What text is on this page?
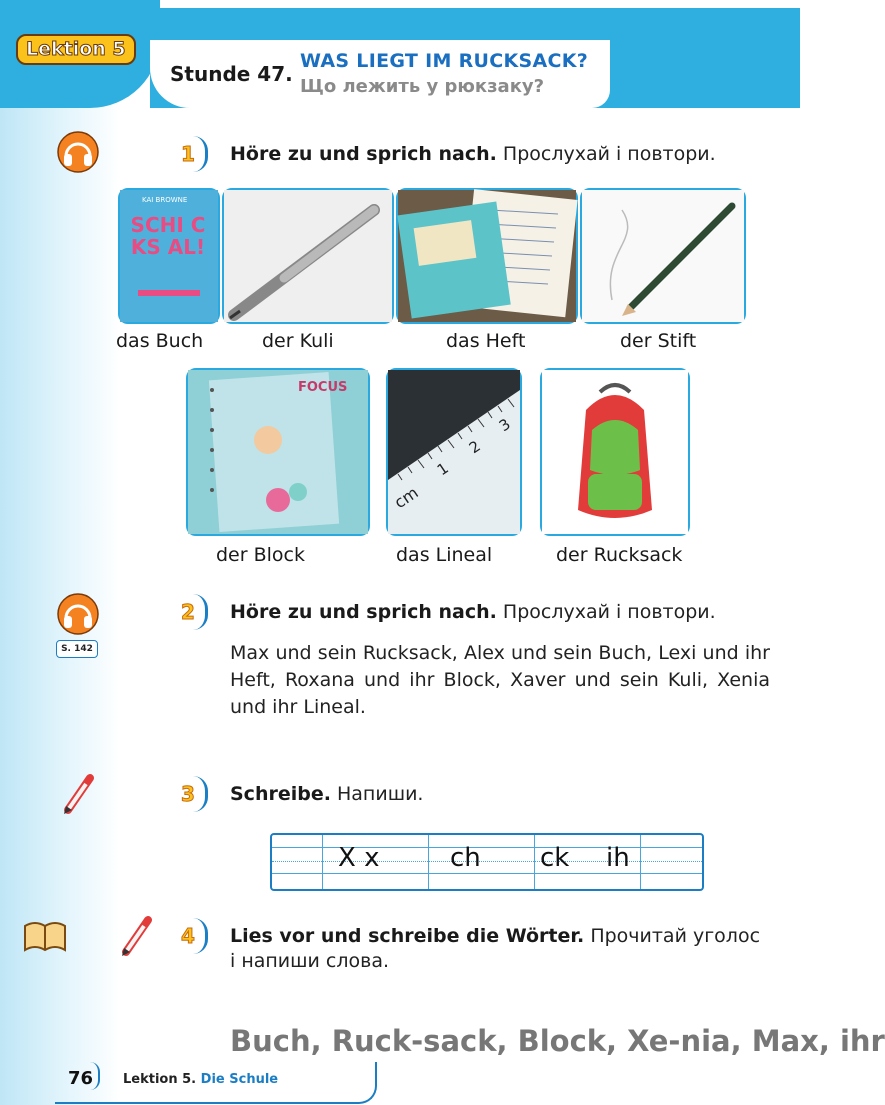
Lektion 5
Stunde 47.
WAS LIEGT IM RUCKSACK?
Що лежить у рюкзаку?
1 Höre zu und sprich nach. Прослухай і повтори.
KAI BROWNE
SCHI CKS AL!
das Buch	der Kuli	das Heft	der Stift
FOCUS
cm
1
2
3
der Block	das Lineal	der Rucksack
S. 142
2 Höre zu und sprich nach. Прослухай і повтори.
Max und sein Rucksack, Alex und sein Buch, Lexi und ihr Heft, Roxana und ihr Block, Xaver und sein Kuli, Xenia und ihr Lineal.
3 Schreibe. Напиши.
X x	ch ck ih
4 Lies vor und schreibe die Wörter. Прочитай уголос і напиши слова.
Buch, Ruck-sack, Block, Xe-nia, Max, ihr
76 Lektion 5. Die Schule
